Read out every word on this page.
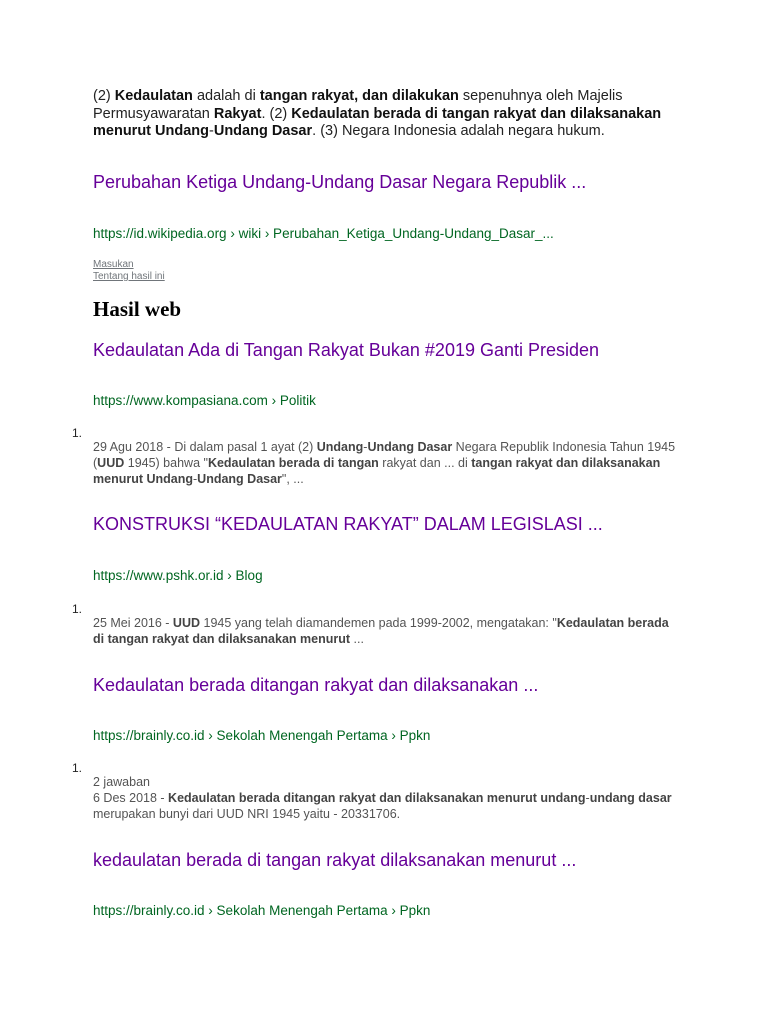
(2) Kedaulatan adalah di tangan rakyat, dan dilakukan sepenuhnya oleh Majelis Permusyawaratan Rakyat. (2) Kedaulatan berada di tangan rakyat dan dilaksanakan menurut Undang-Undang Dasar. (3) Negara Indonesia adalah negara hukum.
Perubahan Ketiga Undang-Undang Dasar Negara Republik ...
https://id.wikipedia.org › wiki › Perubahan_Ketiga_Undang-Undang_Dasar_...
Masukan
Tentang hasil ini
Hasil web
Kedaulatan Ada di Tangan Rakyat Bukan #2019 Ganti Presiden
https://www.kompasiana.com › Politik
1.
29 Agu 2018 - Di dalam pasal 1 ayat (2) Undang-Undang Dasar Negara Republik Indonesia Tahun 1945 (UUD 1945) bahwa "Kedaulatan berada di tangan rakyat dan ... di tangan rakyat dan dilaksanakan menurut Undang-Undang Dasar", ...
KONSTRUKSI “KEDAULATAN RAKYAT” DALAM LEGISLASI ...
https://www.pshk.or.id › Blog
1.
25 Mei 2016 - UUD 1945 yang telah diamandemen pada 1999-2002, mengatakan: "Kedaulatan berada di tangan rakyat dan dilaksanakan menurut ...
Kedaulatan berada ditangan rakyat dan dilaksanakan ...
https://brainly.co.id › Sekolah Menengah Pertama › Ppkn
1.
2 jawaban
6 Des 2018 - Kedaulatan berada ditangan rakyat dan dilaksanakan menurut undang-undang dasar merupakan bunyi dari UUD NRI 1945 yaitu - 20331706.
kedaulatan berada di tangan rakyat dilaksanakan menurut ...
https://brainly.co.id › Sekolah Menengah Pertama › Ppkn
